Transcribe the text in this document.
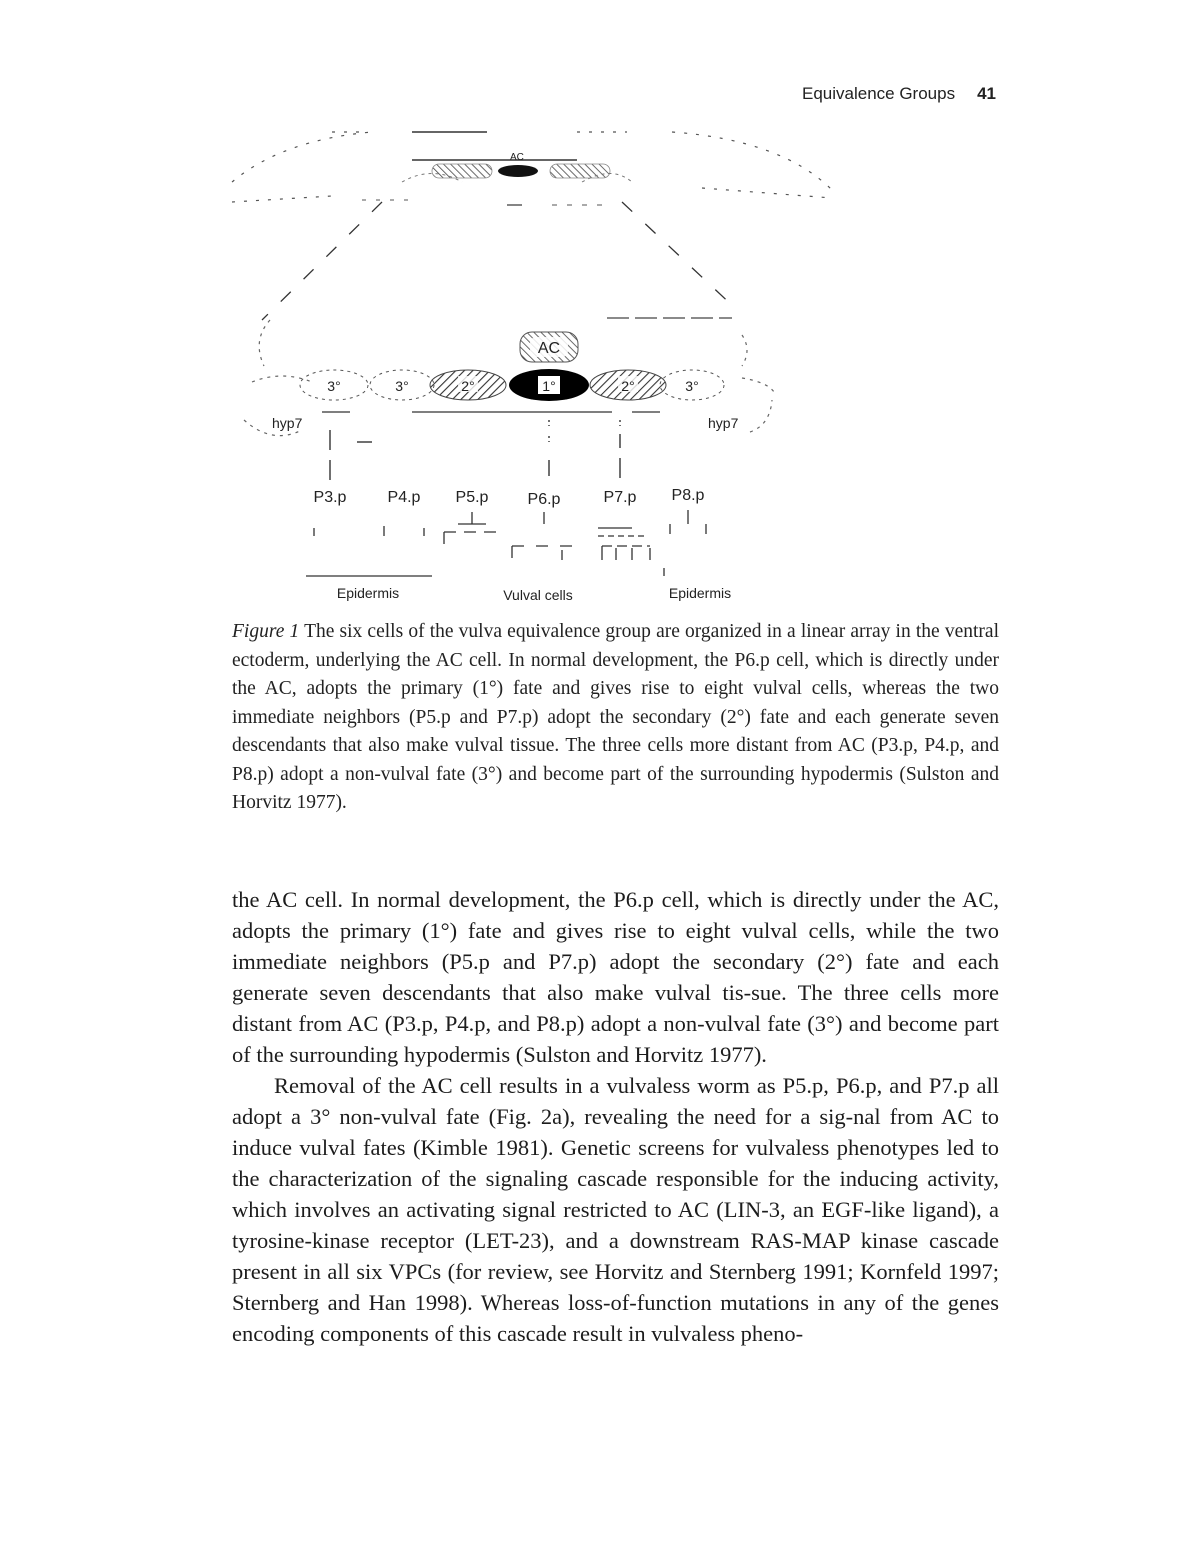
Equivalence Groups 41
AC
AC
3°	3°	2°	1°	2°	3°
hyp7	hyp7
P3.p	P4.p P5.p P6.p	P7.p P8.p
Epidermis	Vulval cells	Epidermis
Figure 1 The six cells of the vulva equivalence group are organized in a linear array in the ventral ectoderm, underlying the AC cell. In normal development, the P6.p cell, which is directly under the AC, adopts the primary (1°) fate and gives rise to eight vulval cells, whereas the two immediate neighbors (P5.p and P7.p) adopt the secondary (2°) fate and each generate seven descendants that also make vulval tissue. The three cells more distant from AC (P3.p, P4.p, and P8.p) adopt a non-vulval fate (3°) and become part of the surrounding hypodermis (Sulston and Horvitz 1977).

the AC cell. In normal development, the P6.p cell, which is directly under the AC, adopts the primary (1°) fate and gives rise to eight vulval cells, while the two immediate neighbors (P5.p and P7.p) adopt the secondary (2°) fate and each generate seven descendants that also make vulval tis-sue. The three cells more distant from AC (P3.p, P4.p, and P8.p) adopt a non-vulval fate (3°) and become part of the surrounding hypodermis (Sulston and Horvitz 1977).

Removal of the AC cell results in a vulvaless worm as P5.p, P6.p, and P7.p all adopt a 3° non-vulval fate (Fig. 2a), revealing the need for a sig-nal from AC to induce vulval fates (Kimble 1981). Genetic screens for vulvaless phenotypes led to the characterization of the signaling cascade responsible for the inducing activity, which involves an activating signal restricted to AC (LIN-3, an EGF-like ligand), a tyrosine-kinase receptor (LET-23), and a downstream RAS-MAP kinase cascade present in all six VPCs (for review, see Horvitz and Sternberg 1991; Kornfeld 1997; Sternberg and Han 1998). Whereas loss-of-function mutations in any of the genes encoding components of this cascade result in vulvaless pheno-
